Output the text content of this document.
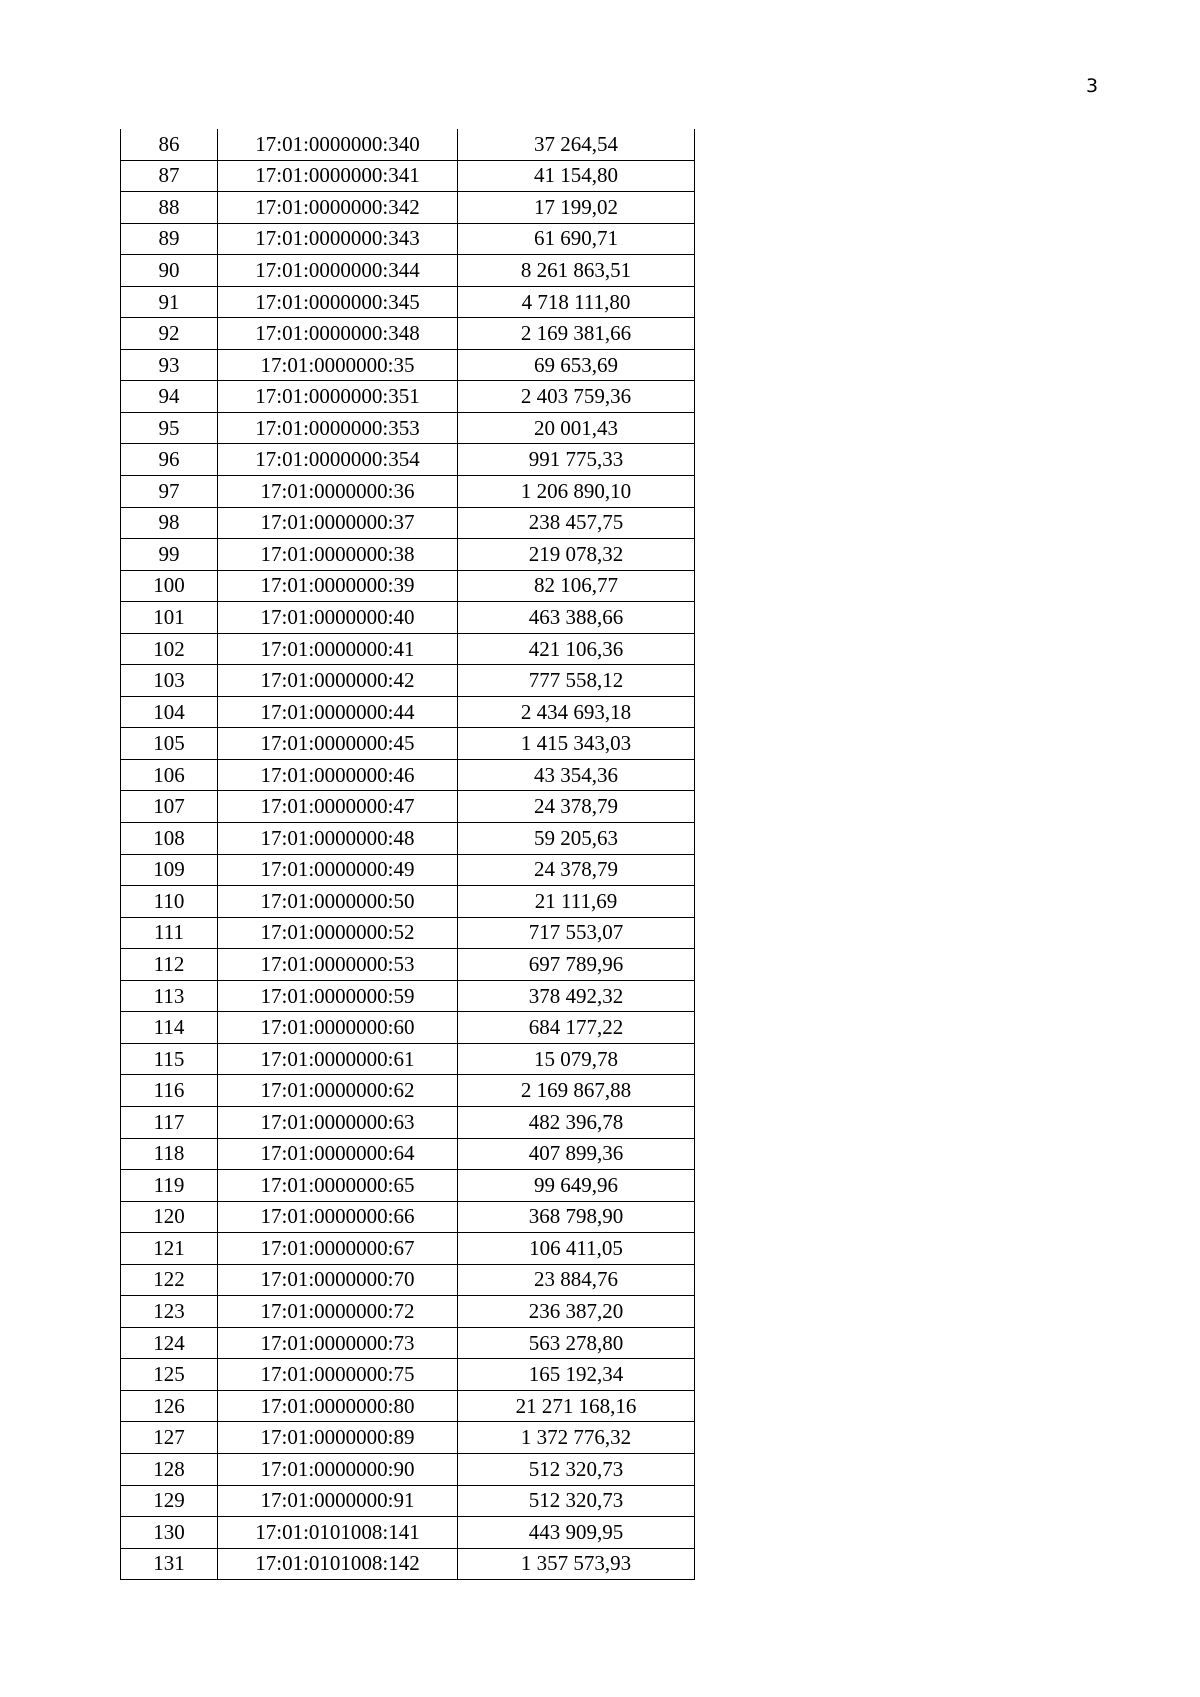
3
86	17:01:0000000:340	37 264,54
87	17:01:0000000:341	41 154,80
88	17:01:0000000:342	17 199,02
89	17:01:0000000:343	61 690,71
90	17:01:0000000:344	8 261 863,51
91	17:01:0000000:345	4 718 111,80
92	17:01:0000000:348	2 169 381,66
93	17:01:0000000:35	69 653,69
94	17:01:0000000:351	2 403 759,36
95	17:01:0000000:353	20 001,43
96	17:01:0000000:354	991 775,33
97	17:01:0000000:36	1 206 890,10
98	17:01:0000000:37	238 457,75
99	17:01:0000000:38	219 078,32
100	17:01:0000000:39	82 106,77
101	17:01:0000000:40	463 388,66
102	17:01:0000000:41	421 106,36
103	17:01:0000000:42	777 558,12
104	17:01:0000000:44	2 434 693,18
105	17:01:0000000:45	1 415 343,03
106	17:01:0000000:46	43 354,36
107	17:01:0000000:47	24 378,79
108	17:01:0000000:48	59 205,63
109	17:01:0000000:49	24 378,79
110	17:01:0000000:50	21 111,69
111	17:01:0000000:52	717 553,07
112	17:01:0000000:53	697 789,96
113	17:01:0000000:59	378 492,32
114	17:01:0000000:60	684 177,22
115	17:01:0000000:61	15 079,78
116	17:01:0000000:62	2 169 867,88
117	17:01:0000000:63	482 396,78
118	17:01:0000000:64	407 899,36
119	17:01:0000000:65	99 649,96
120	17:01:0000000:66	368 798,90
121	17:01:0000000:67	106 411,05
122	17:01:0000000:70	23 884,76
123	17:01:0000000:72	236 387,20
124	17:01:0000000:73	563 278,80
125	17:01:0000000:75	165 192,34
126	17:01:0000000:80	21 271 168,16
127	17:01:0000000:89	1 372 776,32
128	17:01:0000000:90	512 320,73
129	17:01:0000000:91	512 320,73
130	17:01:0101008:141	443 909,95
131	17:01:0101008:142	1 357 573,93
